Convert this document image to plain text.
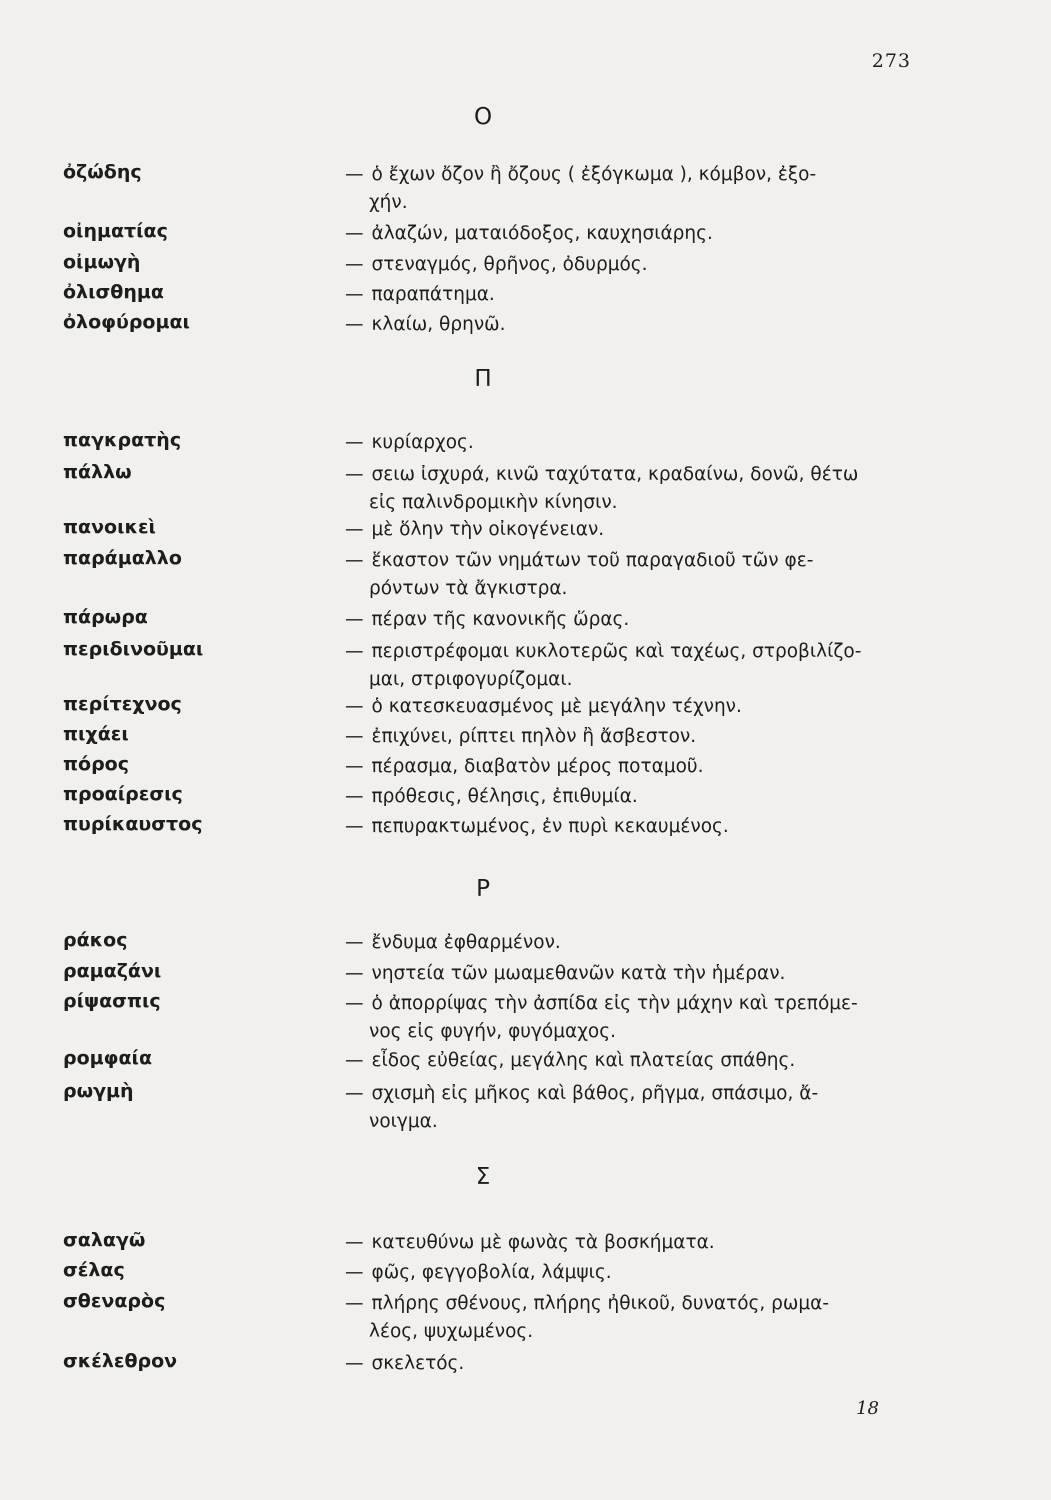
273
Ο
ὀζώδης	— ὁ ἔχων ὄζον ἢ ὄζους ( ἐξόγκωμα ), κόμβον, ἐξο-
χήν.
οἰηματίας	— ἀλαζών, ματαιόδοξος, καυχησιάρης.
οἰμωγὴ	— στεναγμός, θρῆνος, ὀδυρμός.
ὀλισθημα	— παραπάτημα.
ὀλοφύρομαι	— κλαίω, θρηνῶ.
Π
παγκρατὴς	— κυρίαρχος.
πάλλω	— σειω ἰσχυρά, κινῶ ταχύτατα, κραδαίνω, δονῶ, θέτω
εἰς παλινδρομικὴν κίνησιν.
πανοικεὶ	— μὲ ὅλην τὴν οἰκογένειαν.
παράμαλλο	— ἕκαστον τῶν νημάτων τοῦ παραγαδιοῦ τῶν φε-
ρόντων τὰ ἄγκιστρα.
πάρωρα	— πέραν τῆς κανονικῆς ὥρας.
περιδινοῦμαι	— περιστρέφομαι κυκλοτερῶς καὶ ταχέως, στροβιλίζο-
μαι, στριφογυρίζομαι.
περίτεχνος	— ὁ κατεσκευασμένος μὲ μεγάλην τέχνην.
πιχάει	— ἐπιχύνει, ρίπτει πηλὸν ἢ ἄσβεστον.
πόρος	— πέρασμα, διαβατὸν μέρος ποταμοῦ.
προαίρεσις	— πρόθεσις, θέλησις, ἐπιθυμία.
πυρίκαυστος	— πεπυρακτωμένος, ἐν πυρὶ κεκαυμένος.
Ρ
ράκος	— ἔνδυμα ἐφθαρμένον.
ραμαζάνι	— νηστεία τῶν μωαμεθανῶν κατὰ τὴν ἡμέραν.
ρίψασπις	— ὁ ἀπορρίψας τὴν ἀσπίδα εἰς τὴν μάχην καὶ τρεπόμε-
νος εἰς φυγήν, φυγόμαχος.
ρομφαία	— εἶδος εὐθείας, μεγάλης καὶ πλατείας σπάθης.
ρωγμὴ	— σχισμὴ εἰς μῆκος καὶ βάθος, ρῆγμα, σπάσιμο, ἄ-
νοιγμα.
Σ
σαλαγῶ	— κατευθύνω μὲ φωνὰς τὰ βοσκήματα.
σέλας	— φῶς, φεγγοβολία, λάμψις.
σθεναρὸς	— πλήρης σθένους, πλήρης ἠθικοῦ, δυνατός, ρωμα-
λέος, ψυχωμένος.
σκέλεθρον	— σκελετός.
18
